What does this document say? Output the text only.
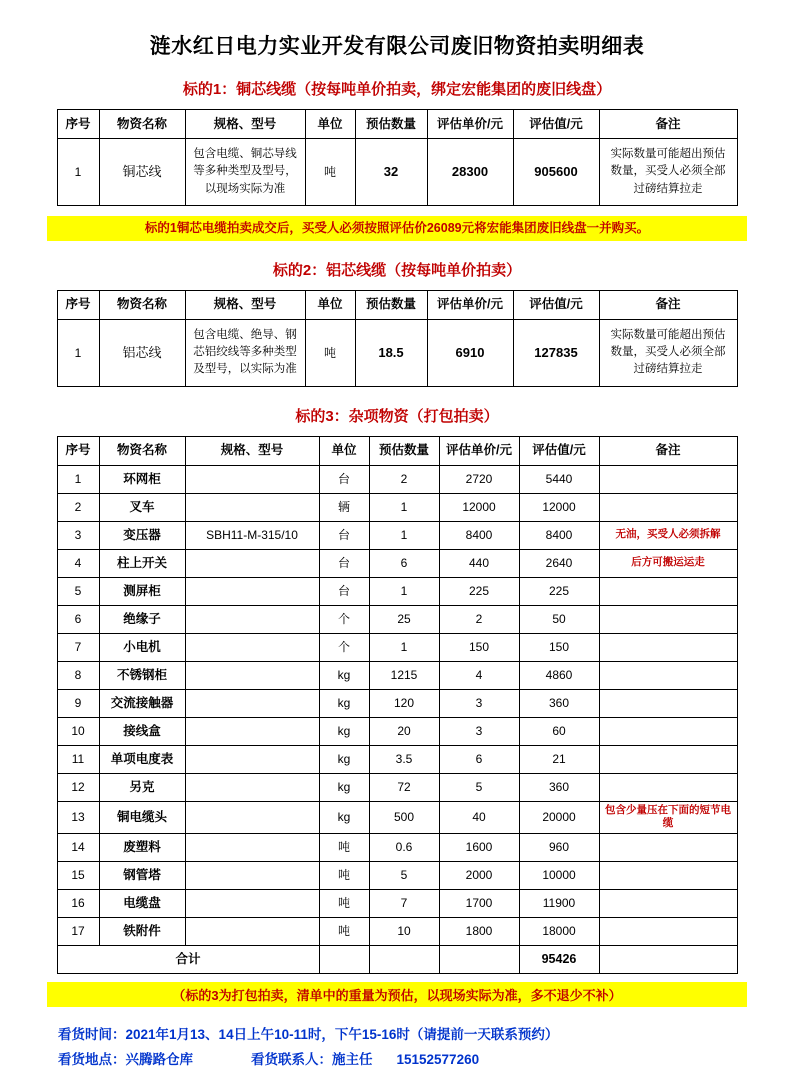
涟水红日电力实业开发有限公司废旧物资拍卖明细表
标的1：铜芯线缆（按每吨单价拍卖，绑定宏能集团的废旧线盘）
序号	物资名称	规格、型号	单位	预估数量	评估单价/元	评估值/元	备注
1	铜芯线	包含电缆、铜芯导线等多种类型及型号，以现场实际为准	吨	32	28300	905600	实际数量可能超出预估数量，买受人必须全部过磅结算拉走
标的1铜芯电缆拍卖成交后，买受人必须按照评估价26089元将宏能集团废旧线盘一并购买。
标的2：铝芯线缆（按每吨单价拍卖）
序号	物资名称	规格、型号	单位	预估数量	评估单价/元	评估值/元	备注
1	铝芯线	包含电缆、绝导、钢芯铝绞线等多种类型及型号，以实际为准	吨	18.5	6910	127835	实际数量可能超出预估数量，买受人必须全部过磅结算拉走
标的3：杂项物资（打包拍卖）
序号	物资名称	规格、型号	单位	预估数量	评估单价/元	评估值/元	备注
1	环网柜		台	2	2720	5440	
2	叉车		辆	1	12000	12000	
3	变压器	SBH11-M-315/10	台	1	8400	8400	无油，买受人必须拆解
4	柱上开关		台	6	440	2640	后方可搬运运走
5	测屏柜		台	1	225	225	
6	绝缘子		个	25	2	50	
7	小电机		个	1	150	150	
8	不锈钢柜		kg	1215	4	4860	
9	交流接触器		kg	120	3	360	
10	接线盒		kg	20	3	60	
11	单项电度表		kg	3.5	6	21	
12	另克		kg	72	5	360	
13	铜电缆头		kg	500	40	20000	包含少量压在下面的短节电缆
14	废塑料		吨	0.6	1600	960	
15	钢管塔		吨	5	2000	10000	
16	电缆盘		吨	7	1700	11900	
17	铁附件		吨	10	1800	18000	
合计						95426	
（标的3为打包拍卖，清单中的重量为预估，以现场实际为准，多不退少不补）
看货时间：2021年1月13、14日上午10-11时，下午15-16时（请提前一天联系预约）
看货地点：兴腾路仓库	看货联系人：施主任 15152577260
